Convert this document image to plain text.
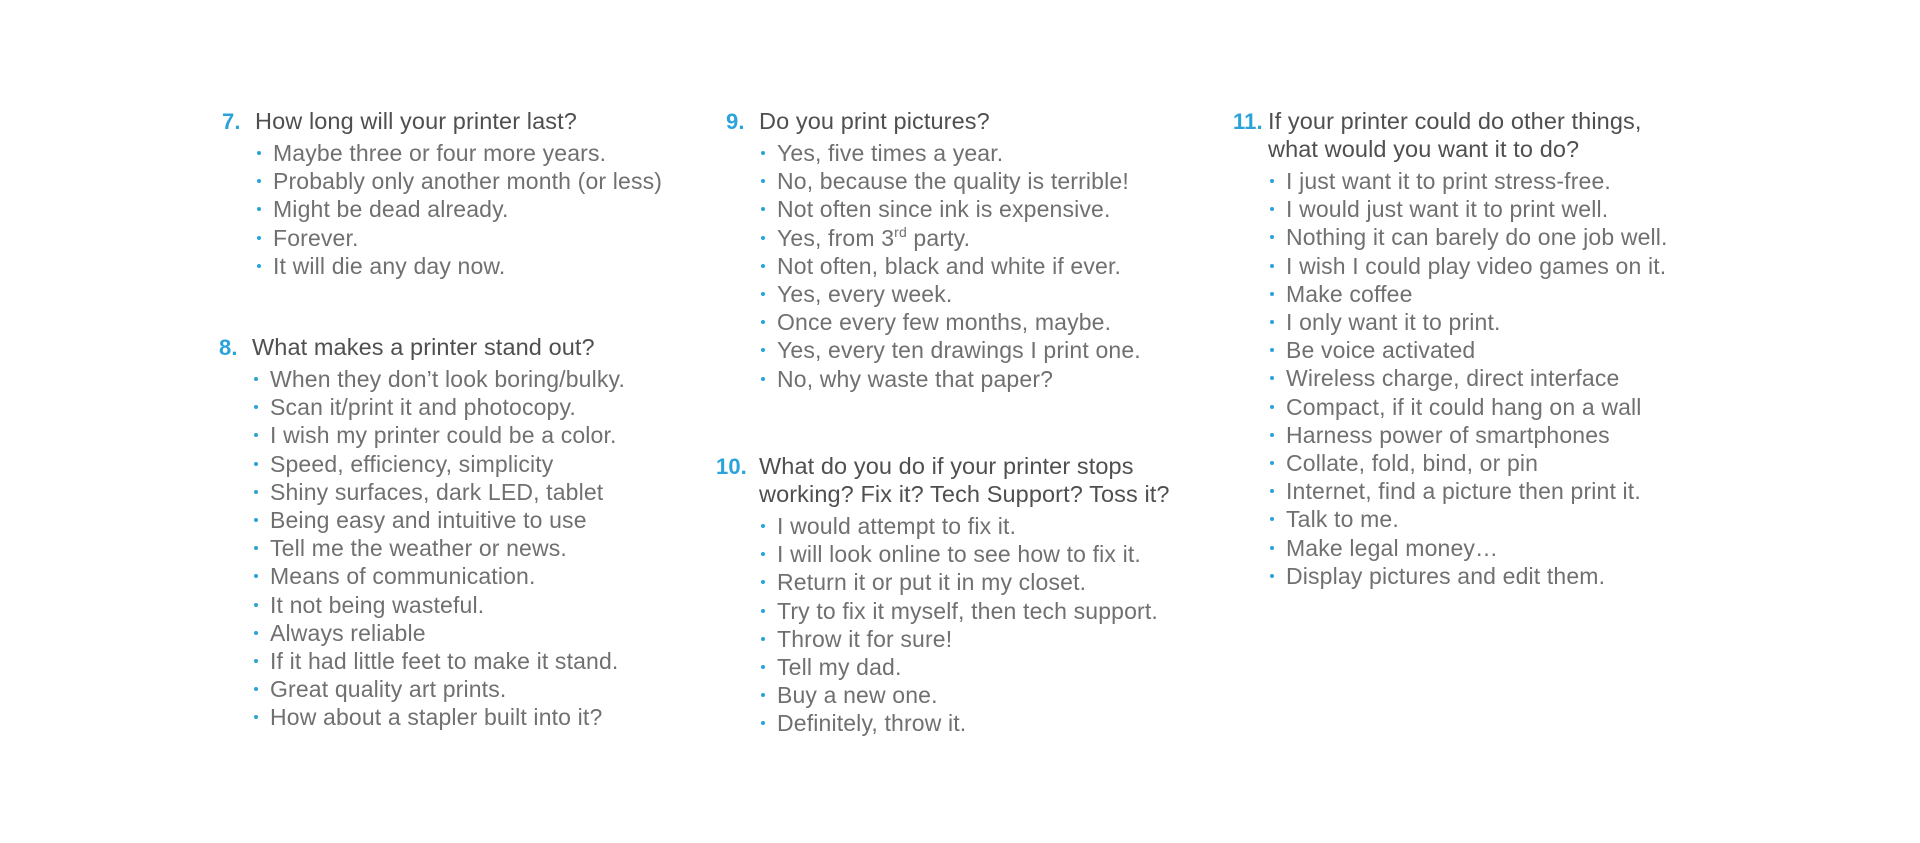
7. How long will your printer last?
Maybe three or four more years.
Probably only another month (or less)
Might be dead already.
Forever.
It will die any day now.
8. What makes a printer stand out?
When they don’t look boring/bulky.
Scan it/print it and photocopy.
I wish my printer could be a color.
Speed, efficiency, simplicity
Shiny surfaces, dark LED, tablet
Being easy and intuitive to use
Tell me the weather or news.
Means of communication.
It not being wasteful.
Always reliable
If it had little feet to make it stand.
Great quality art prints.
How about a stapler built into it?
9. Do you print pictures?
Yes, five times a year.
No, because the quality is terrible!
Not often since ink is expensive.
Yes, from 3rd party.
Not often, black and white if ever.
Yes, every week.
Once every few months, maybe.
Yes, every ten drawings I print one.
No, why waste that paper?
10. What do you do if your printer stops
working? Fix it? Tech Support? Toss it?
I would attempt to fix it.
I will look online to see how to fix it.
Return it or put it in my closet.
Try to fix it myself, then tech support.
Throw it for sure!
Tell my dad.
Buy a new one.
Definitely, throw it.
11. If your printer could do other things,
what would you want it to do?
I just want it to print stress-free.
I would just want it to print well.
Nothing it can barely do one job well.
I wish I could play video games on it.
Make coffee
I only want it to print.
Be voice activated
Wireless charge, direct interface
Compact, if it could hang on a wall
Harness power of smartphones
Collate, fold, bind, or pin
Internet, find a picture then print it.
Talk to me.
Make legal money…
Display pictures and edit them.
